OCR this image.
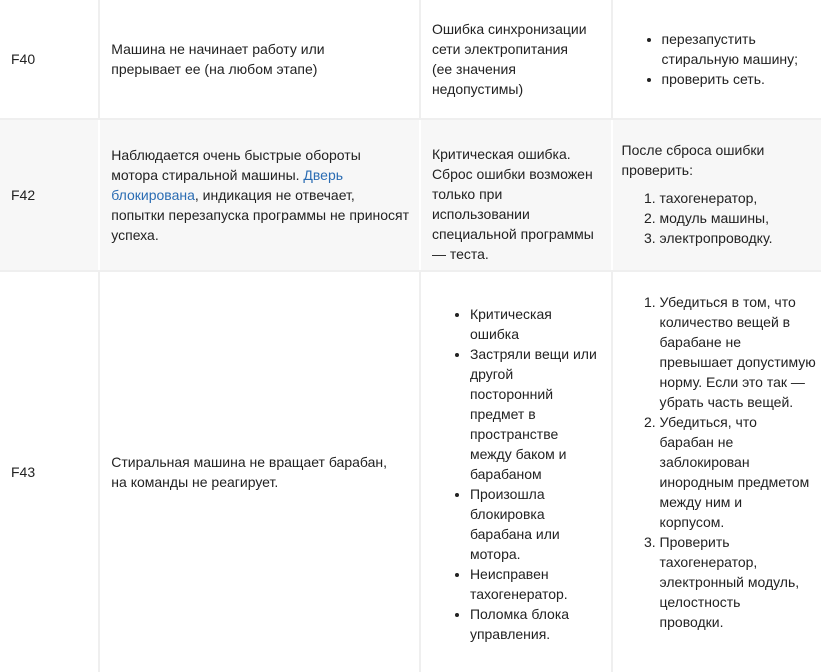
F40

Машина не начинает работу или прерывает ее (на любом этапе)

Ошибка синхронизации сети электропитания (ее значения недопустимы)

• перезапустить стиральную машину;
• проверить сеть.
F42

Наблюдается очень быстрые обороты мотора стиральной машины. Дверь блокирована, индикация не отвечает, попытки перезапуска программы не приносят успеха.

Критическая ошибка. Сброс ошибки возможен только при использовании специальной программы — теста.

После сброса ошибки проверить:

1. тахогенератор,
2. модуль машины,
3. электропроводку.
F43

Стиральная машина не вращает барабан, на команды не реагирует.

• Критическая ошибка
• Застряли вещи или другой посторонний предмет в пространстве между баком и барабаном
• Произошла блокировка барабана или мотора.
• Неисправен тахогенератор.
• Поломка блока управления.
1. Убедиться в том, что количество вещей в барабане не превышает допустимую норму. Если это так — убрать часть вещей.
2. Убедиться, что барабан не заблокирован инородным предметом между ним и корпусом.
3. Проверить тахогенератор, электронный модуль, целостность проводки.
